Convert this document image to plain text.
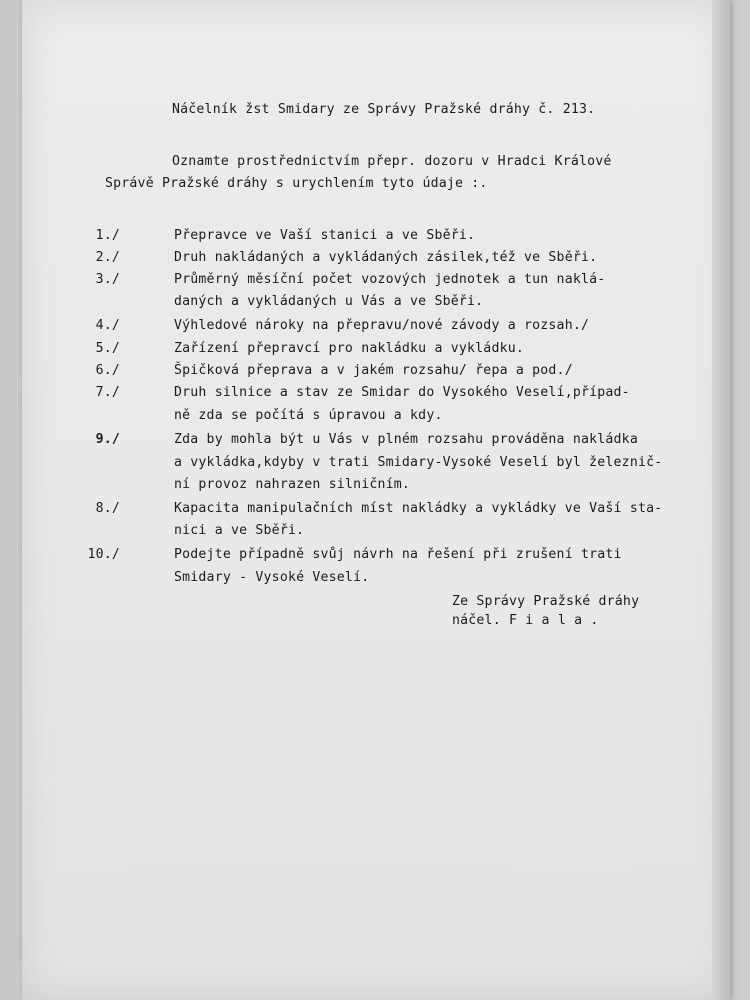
Náčelník žst Smidary ze Správy Pražské dráhy č. 213.

Oznamte prostřednictvím přepr. dozoru v Hradci Králové

Správě Pražské dráhy s urychlením tyto údaje :.

1./	Přepravce ve Vaší stanici a ve Sběři.

2./	Druh nakládaných a vykládaných zásilek,též ve Sběři.

3./	Průměrný měsíční počet vozových jednotek a tun naklá-

daných a vykládaných u Vás a ve Sběři.

4./	Výhledové nároky na přepravu/nové závody a rozsah./

5./	Zařízení přepravcí pro nakládku a vykládku.

6./	Špičková přeprava a v jakém rozsahu/ řepa a pod./

7./	Druh silnice a stav ze Smidar do Vysokého Veselí,případ-

ně zda se počítá s úpravou a kdy.

9./	Zda by mohla být u Vás v plném rozsahu prováděna nakládka

a vykládka,kdyby v trati Smidary-Vysoké Veselí byl železnič-

ní provoz nahrazen silničním.

8./	Kapacita manipulačních míst nakládky a vykládky ve Vaší sta-

nici a ve Sběři.

10./	Podejte případně svůj návrh na řešení při zrušení trati

Smidary - Vysoké Veselí.

Ze Správy Pražské dráhy

náčel. F i a l a .
